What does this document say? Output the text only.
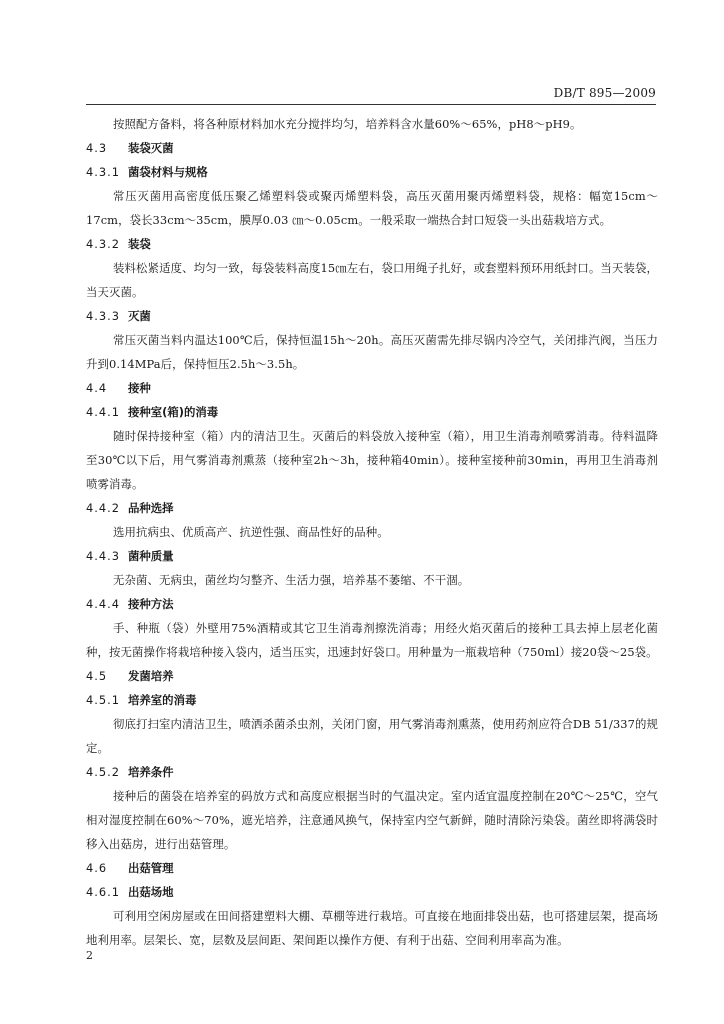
DB/T 895—2009

按照配方备料，将各种原材料加水充分搅拌均匀，培养料含水量60%～65%，pH8～pH9。

4.3 装袋灭菌
4.3.1 菌袋材料与规格

常压灭菌用高密度低压聚乙烯塑料袋或聚丙烯塑料袋，高压灭菌用聚丙烯塑料袋，规格：幅宽15cm～17cm，袋长33cm～35cm，膜厚0.03 ㎝～0.05cm。一般采取一端热合封口短袋一头出菇栽培方式。

4.3.2 装袋

装料松紧适度、均匀一致，每袋装料高度15㎝左右，袋口用绳子扎好，或套塑料预环用纸封口。当天装袋，当天灭菌。

4.3.3 灭菌

常压灭菌当料内温达100℃后，保持恒温15h～20h。高压灭菌需先排尽锅内冷空气，关闭排汽阀，当压力升到0.14MPa后，保持恒压2.5h～3.5h。

4.4 接种
4.4.1 接种室(箱)的消毒

随时保持接种室（箱）内的清洁卫生。灭菌后的料袋放入接种室（箱），用卫生消毒剂喷雾消毒。待料温降至30℃以下后，用气雾消毒剂熏蒸（接种室2h～3h，接种箱40min）。接种室接种前30min，再用卫生消毒剂喷雾消毒。

4.4.2 品种选择

选用抗病虫、优质高产、抗逆性强、商品性好的品种。

4.4.3 菌种质量

无杂菌、无病虫，菌丝均匀整齐、生活力强，培养基不萎缩、不干涸。

4.4.4 接种方法

手、种瓶（袋）外壁用75%酒精或其它卫生消毒剂擦洗消毒；用经火焰灭菌后的接种工具去掉上层老化菌种，按无菌操作将栽培种接入袋内，适当压实，迅速封好袋口。用种量为一瓶栽培种（750ml）接20袋～25袋。

4.5 发菌培养
4.5.1 培养室的消毒

彻底打扫室内清洁卫生，喷洒杀菌杀虫剂，关闭门窗，用气雾消毒剂熏蒸，使用药剂应符合DB 51/337的规定。

4.5.2 培养条件

接种后的菌袋在培养室的码放方式和高度应根据当时的气温决定。室内适宜温度控制在20℃～25℃，空气相对湿度控制在60%～70%，遮光培养，注意通风换气，保持室内空气新鲜，随时清除污染袋。菌丝即将满袋时移入出菇房，进行出菇管理。

4.6 出菇管理
4.6.1 出菇场地

可利用空闲房屋或在田间搭建塑料大棚、草棚等进行栽培。可直接在地面排袋出菇，也可搭建层架，提高场地利用率。层架长、宽，层数及层间距、架间距以操作方便、有利于出菇、空间利用率高为准。

2
